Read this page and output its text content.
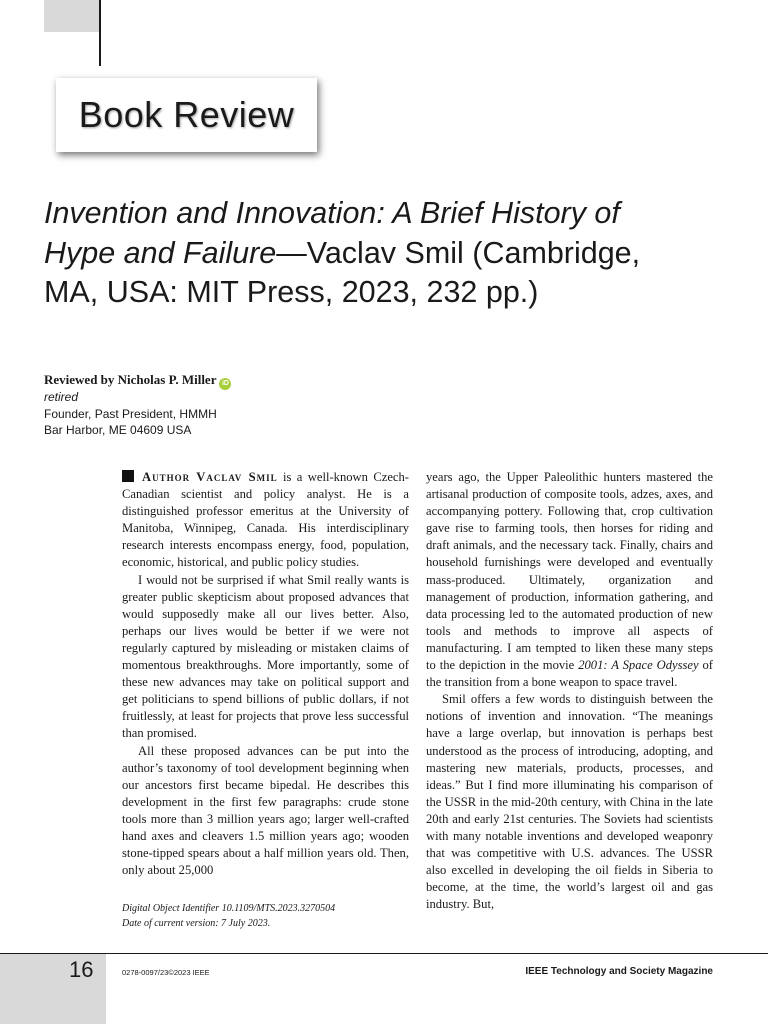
Book Review
Invention and Innovation: A Brief History of Hype and Failure—Vaclav Smil (Cambridge, MA, USA: MIT Press, 2023, 232 pp.)
Reviewed by Nicholas P. Miller iD
retired
Founder, Past President, HMMH
Bar Harbor, ME 04609 USA

Author Vaclav Smil is a well-known Czech-Canadian scientist and policy analyst. He is a distinguished professor emeritus at the University of Manitoba, Winnipeg, Canada. His interdisciplinary research interests encompass energy, food, population, economic, historical, and public policy studies.

I would not be surprised if what Smil really wants is greater public skepticism about proposed advances that would supposedly make all our lives better. Also, perhaps our lives would be better if we were not regularly captured by misleading or mistaken claims of momentous breakthroughs. More importantly, some of these new advances may take on political support and get politicians to spend billions of public dollars, if not fruitlessly, at least for projects that prove less successful than promised.

All these proposed advances can be put into the author’s taxonomy of tool development beginning when our ancestors first became bipedal. He describes this development in the first few paragraphs: crude stone tools more than 3 million years ago; larger well-crafted hand axes and cleavers 1.5 million years ago; wooden stone-tipped spears about a half million years old. Then, only about 25,000

years ago, the Upper Paleolithic hunters mastered the artisanal production of composite tools, adzes, axes, and accompanying pottery. Following that, crop cultivation gave rise to farming tools, then horses for riding and draft animals, and the necessary tack. Finally, chairs and household furnishings were developed and eventually mass-produced. Ultimately, organization and management of production, information gathering, and data processing led to the automated production of new tools and methods to improve all aspects of manufacturing. I am tempted to liken these many steps to the depiction in the movie 2001: A Space Odyssey of the transition from a bone weapon to space travel.

Smil offers a few words to distinguish between the notions of invention and innovation. “The meanings have a large overlap, but innovation is perhaps best understood as the process of introducing, adopting, and mastering new materials, products, processes, and ideas.” But I find more illuminating his comparison of the USSR in the mid-20th century, with China in the late 20th and early 21st centuries. The Soviets had scientists with many notable inventions and developed weaponry that was competitive with U.S. advances. The USSR also excelled in developing the oil fields in Siberia to become, at the time, the world’s largest oil and gas industry. But,

Digital Object Identifier 10.1109/MTS.2023.3270504
Date of current version: 7 July 2023.
16	0278-0097/23©2023 IEEE	IEEE Technology and Society Magazine
